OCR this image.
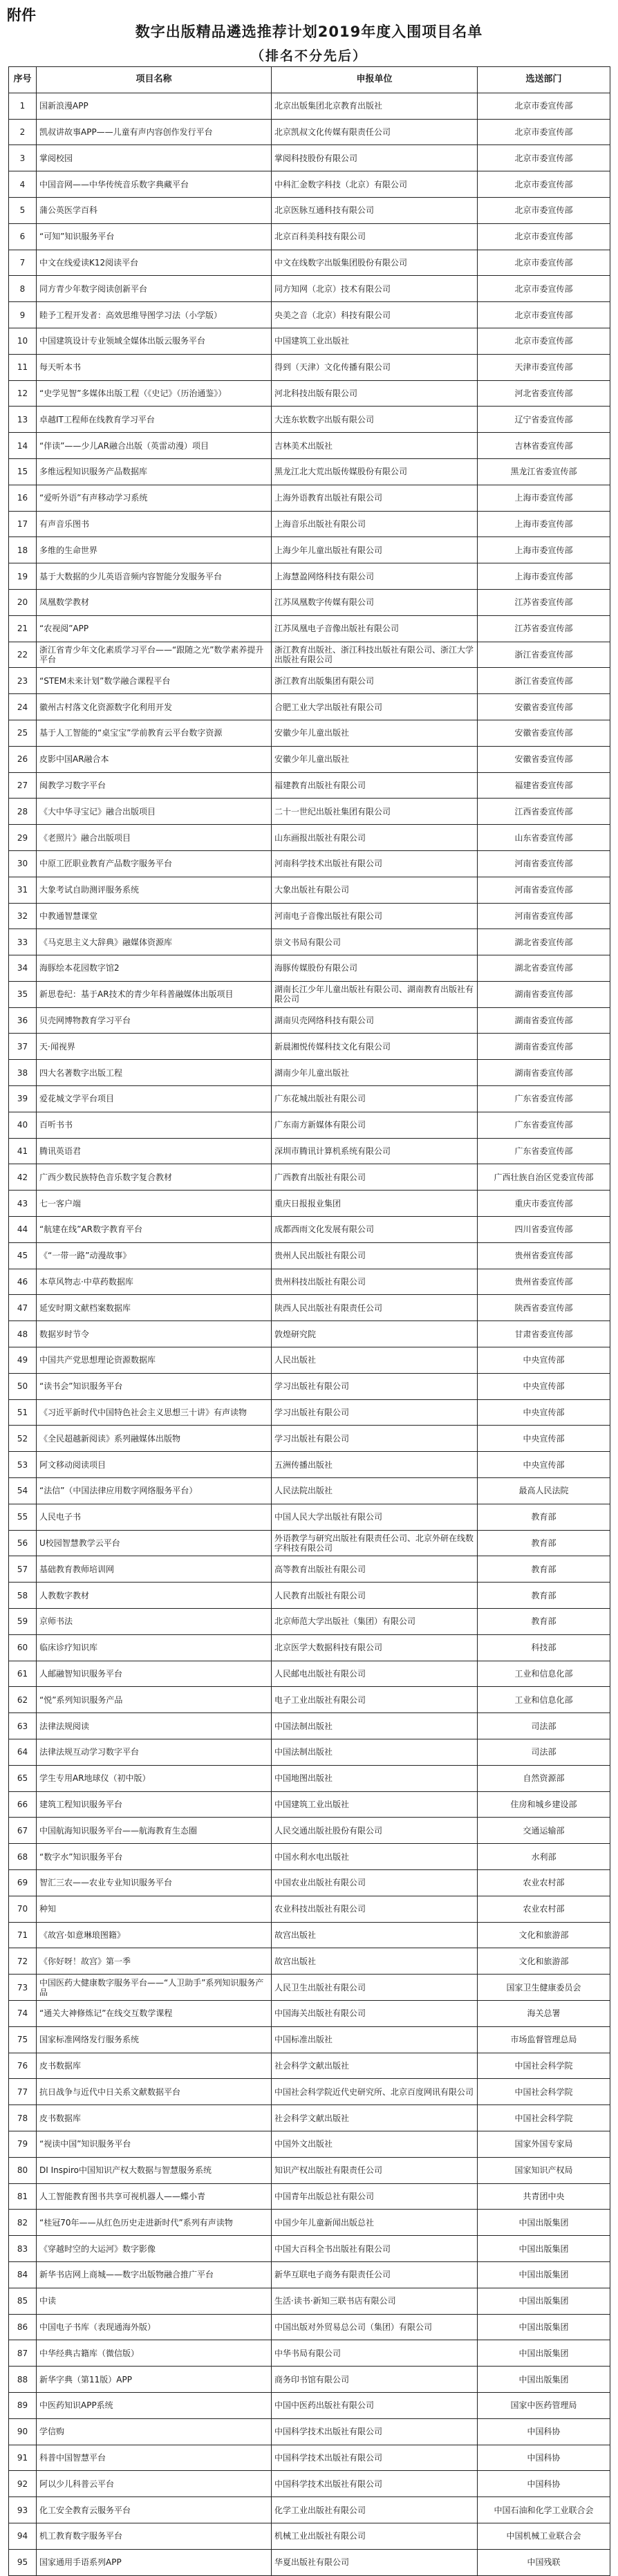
附件
数字出版精品遴选推荐计划2019年度入围项目名单
（排名不分先后）
序号	项目名称	申报单位	选送部门
1	国新浪漫APP	北京出版集团北京教育出版社	北京市委宣传部
2	凯叔讲故事APP——儿童有声内容创作发行平台	北京凯叔文化传媒有限责任公司	北京市委宣传部
3	掌阅校园	掌阅科技股份有限公司	北京市委宣传部
4	中国音网——中华传统音乐数字典藏平台	中科汇金数字科技（北京）有限公司	北京市委宣传部
5	蒲公英医学百科	北京医脉互通科技有限公司	北京市委宣传部
6	“可知”知识服务平台	北京百科美科技有限公司	北京市委宣传部
7	中文在线爱读K12阅读平台	中文在线数字出版集团股份有限公司	北京市委宣传部
8	同方青少年数字阅读创新平台	同方知网（北京）技术有限公司	北京市委宣传部
9	睦予工程开发者：高效思维导图学习法（小学版）	央美之音（北京）科技有限公司	北京市委宣传部
10	中国建筑设计专业领域全媒体出版云服务平台	中国建筑工业出版社	北京市委宣传部
11	每天听本书	得到（天津）文化传播有限公司	天津市委宣传部
12	“史学见智”多媒体出版工程（《史记》（历治通鉴》）	河北科技出版有限公司	河北省委宣传部
13	卓越IT工程师在线教育学习平台	大连东软数字出版有限公司	辽宁省委宣传部
14	“伴读”——少儿AR融合出版（英雷动漫）项目	吉林美术出版社	吉林省委宣传部
15	多维远程知识服务产品数据库	黑龙江北大荒出版传媒股份有限公司	黑龙江省委宣传部
16	“爱听外语”有声移动学习系统	上海外语教育出版社有限公司	上海市委宣传部
17	有声音乐图书	上海音乐出版社有限公司	上海市委宣传部
18	多维的生命世界	上海少年儿童出版社有限公司	上海市委宣传部
19	基于大数据的少儿英语音频内容智能分发服务平台	上海慧盈网络科技有限公司	上海市委宣传部
20	凤凰数学教材	江苏凤凰数字传媒有限公司	江苏省委宣传部
21	“农视阅”APP	江苏凤凰电子音像出版社有限公司	江苏省委宣传部
22	浙江省青少年文化素质学习平台——“跟随之光”数学素养提升平台	浙江教育出版社、浙江科技出版社有限公司、浙江大学出版社有限公司	浙江省委宣传部
23	“STEM未来计划”数学融合课程平台	浙江教育出版集团有限公司	浙江省委宣传部
24	徽州古村落文化资源数字化利用开发	合肥工业大学出版社有限公司	安徽省委宣传部
25	基于人工智能的“桌宝宝”学前教育云平台数字资源	安徽少年儿童出版社	安徽省委宣传部
26	皮影中国AR融合本	安徽少年儿童出版社	安徽省委宣传部
27	闽教学习数字平台	福建教育出版社有限公司	福建省委宣传部
28	《大中华寻宝记》融合出版项目	二十一世纪出版社集团有限公司	江西省委宣传部
29	《老照片》融合出版项目	山东画报出版社有限公司	山东省委宣传部
30	中原工匠职业教育产品数字服务平台	河南科学技术出版社有限公司	河南省委宣传部
31	大象考试自助测评服务系统	大象出版社有限公司	河南省委宣传部
32	中教通智慧课堂	河南电子音像出版社有限公司	河南省委宣传部
33	《马克思主义大辞典》融媒体资源库	崇文书局有限公司	湖北省委宣传部
34	海豚绘本花园数字馆2	海豚传媒股份有限公司	湖北省委宣传部
35	新思卷纪：基于AR技术的青少年科普融媒体出版项目	湖南长江少年儿童出版社有限公司、湖南教育出版社有限公司	湖南省委宣传部
36	贝壳网博物教育学习平台	湖南贝壳网络科技有限公司	湖南省委宣传部
37	天·闻视界	新晨湘悦传媒科技文化有限公司	湖南省委宣传部
38	四大名著数字出版工程	湖南少年儿童出版社	湖南省委宣传部
39	爱花城文学平台项目	广东花城出版社有限公司	广东省委宣传部
40	百听书书	广东南方新媒体有限公司	广东省委宣传部
41	腾讯英语君	深圳市腾讯计算机系统有限公司	广东省委宣传部
42	广西少数民族特色音乐数字复合教材	广西教育出版社有限公司	广西壮族自治区党委宣传部
43	七一客户端	重庆日报报业集团	重庆市委宣传部
44	“航建在线”AR数字教育平台	成都西雨文化发展有限公司	四川省委宣传部
45	《“一带一路”动漫故事》	贵州人民出版社有限公司	贵州省委宣传部
46	本草风物志·中草药数据库	贵州科技出版社有限公司	贵州省委宣传部
47	延安时期文献档案数据库	陕西人民出版社有限责任公司	陕西省委宣传部
48	数据岁时节令	敦煌研究院	甘肃省委宣传部
49	中国共产党思想理论资源数据库	人民出版社	中央宣传部
50	“读书会”知识服务平台	学习出版社有限公司	中央宣传部
51	《习近平新时代中国特色社会主义思想三十讲》有声读物	学习出版社有限公司	中央宣传部
52	《全民超越新阅读》系列融媒体出版物	学习出版社有限公司	中央宣传部
53	阿文移动阅读项目	五洲传播出版社	中央宣传部
54	“法信”（中国法律应用数字网络服务平台）	人民法院出版社	最高人民法院
55	人民电子书	中国人民大学出版社有限公司	教育部
56	U校园智慧教学云平台	外语教学与研究出版社有限责任公司、北京外研在线数字科技有限公司	教育部
57	基础教育教师培训网	高等教育出版社有限公司	教育部
58	人教数字教材	人民教育出版社有限公司	教育部
59	京师书法	北京师范大学出版社（集团）有限公司	教育部
60	临床诊疗知识库	北京医学大数据科技有限公司	科技部
61	人邮融智知识服务平台	人民邮电出版社有限公司	工业和信息化部
62	“悦”系列知识服务产品	电子工业出版社有限公司	工业和信息化部
63	法律法规阅读	中国法制出版社	司法部
64	法律法规互动学习数字平台	中国法制出版社	司法部
65	学生专用AR地球仪（初中版）	中国地图出版社	自然资源部
66	建筑工程知识服务平台	中国建筑工业出版社	住房和城乡建设部
67	中国航海知识服务平台——航海教育生态圈	人民交通出版社股份有限公司	交通运输部
68	“数字水”知识服务平台	中国水利水电出版社	水利部
69	智汇三农——农业专业知识服务平台	中国农业出版社有限公司	农业农村部
70	种知	农业科技出版社有限公司	农业农村部
71	《故宫·如意琳琅图籍》	故宫出版社	文化和旅游部
72	《你好呀！故宫》第一季	故宫出版社	文化和旅游部
73	中国医药大健康数字服务平台——“人卫助手”系列知识服务产品	人民卫生出版社有限公司	国家卫生健康委员会
74	“通关大神修炼记”在线交互数学课程	中国海关出版社有限公司	海关总署
75	国家标准网络发行服务系统	中国标准出版社	市场监督管理总局
76	皮书数据库	社会科学文献出版社	中国社会科学院
77	抗日战争与近代中日关系文献数据平台	中国社会科学院近代史研究所、北京百度网讯有限公司	中国社会科学院
78	皮书数据库	社会科学文献出版社	中国社会科学院
79	“视读中国”知识服务平台	中国外文出版社	国家外国专家局
80	DI Inspiro中国知识产权大数据与智慧服务系统	知识产权出版社有限责任公司	国家知识产权局
81	人工智能教育图书共享可视机器人——蝶小青	中国青年出版总社有限公司	共青团中央
82	“桂冠70年——从红色历史走进新时代”系列有声读物	中国少年儿童新闻出版总社	中国出版集团
83	《穿越时空的大运河》数字影像	中国大百科全书出版社有限公司	中国出版集团
84	新华书店网上商城——数字出版物融合推广平台	新华互联电子商务有限责任公司	中国出版集团
85	中读	生活·读书·新知三联书店有限公司	中国出版集团
86	中国电子书库（表现通海外版）	中国出版对外贸易总公司（集团）有限公司	中国出版集团
87	中华经典古籍库（微信版）	中华书局有限公司	中国出版集团
88	新华字典（第11版）APP	商务印书馆有限公司	中国出版集团
89	中医药知识APP系统	中国中医药出版社有限公司	国家中医药管理局
90	学信购	中国科学技术出版社有限公司	中国科协
91	科普中国智慧平台	中国科学技术出版社有限公司	中国科协
92	阿以少儿科普云平台	中国科学技术出版社有限公司	中国科协
93	化工安全教育云服务平台	化学工业出版社有限公司	中国石油和化学工业联合会
94	机工教育数字服务平台	机械工业出版社有限公司	中国机械工业联合会
95	国家通用手语系列APP	华夏出版社有限公司	中国残联
